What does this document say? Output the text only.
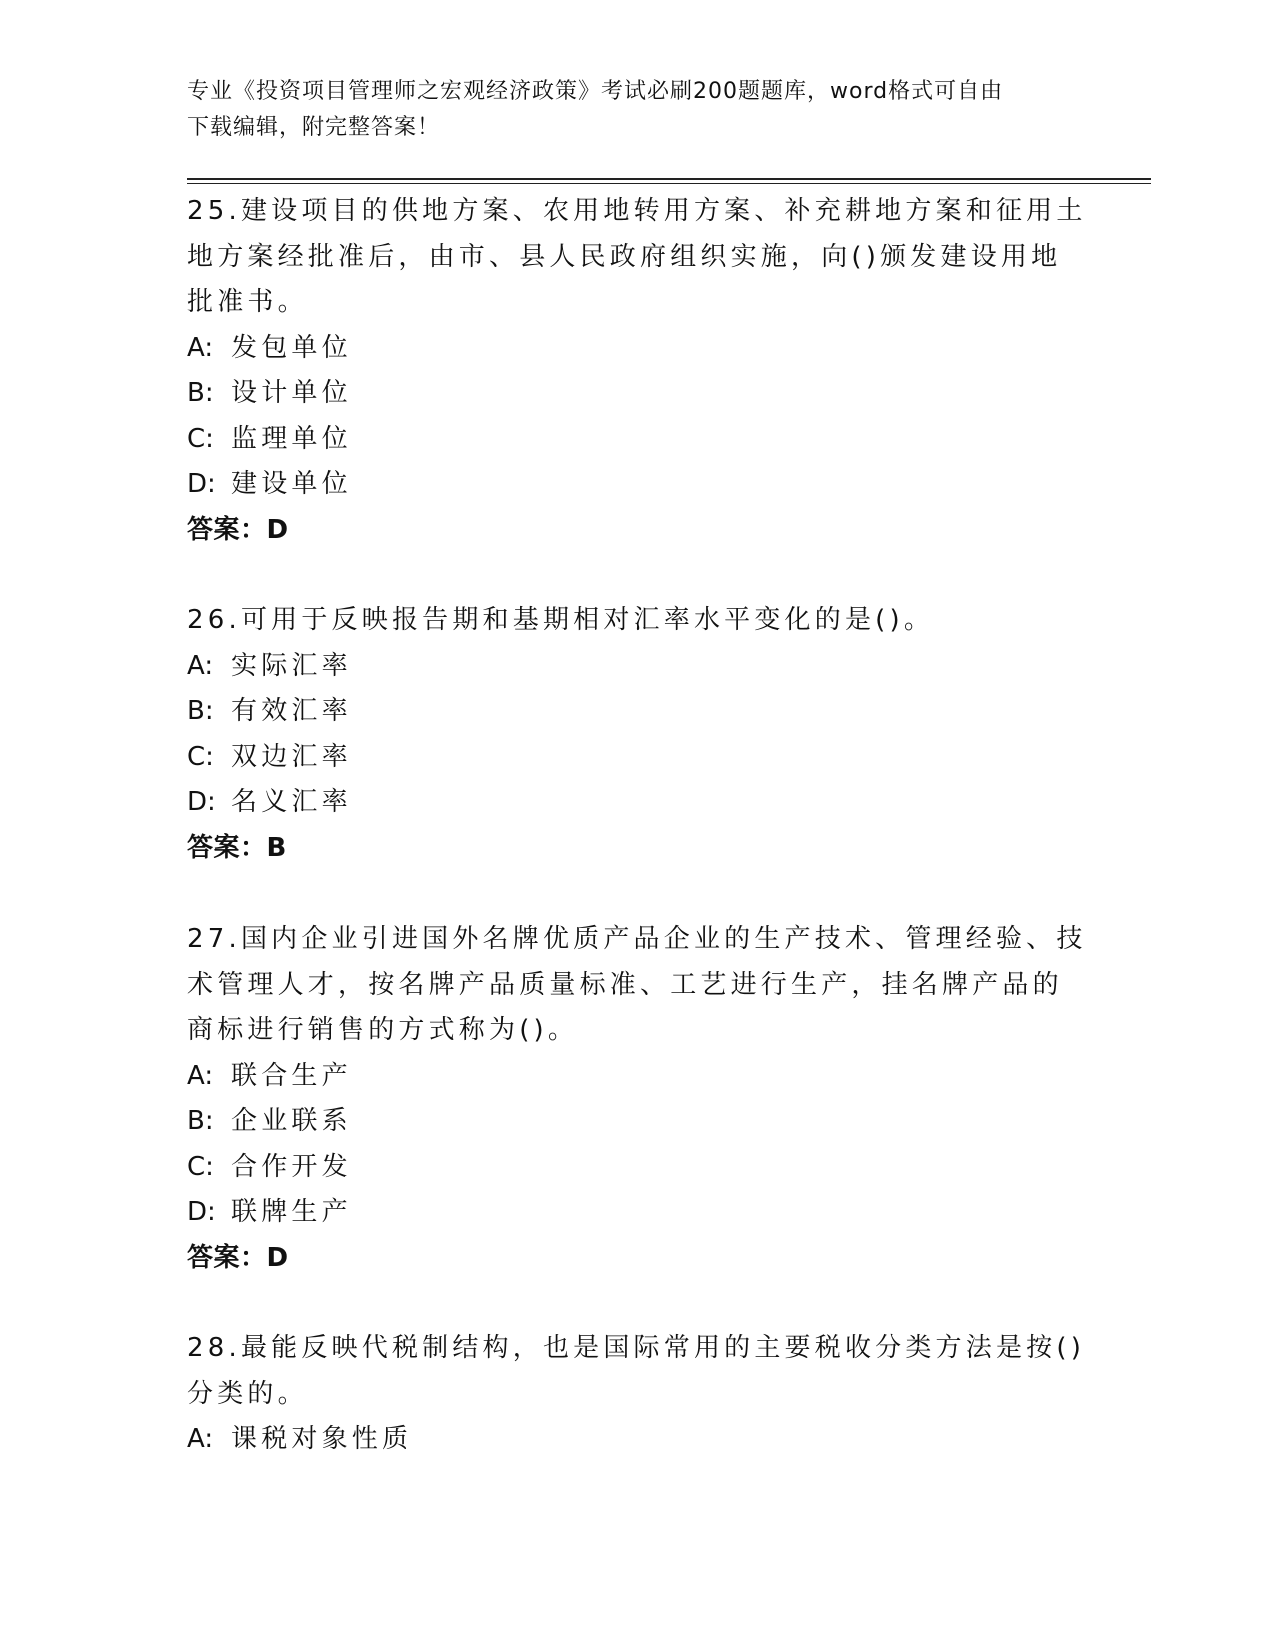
专业《投资项目管理师之宏观经济政策》考试必刷200题题库，word格式可自由
下载编辑，附完整答案！

25.建设项目的供地方案、农用地转用方案、补充耕地方案和征用土地方案经批准后，由市、县人民政府组织实施，向()颁发建设用地批准书。

A: 发包单位

B: 设计单位

C: 监理单位

D: 建设单位

答案：D

26.可用于反映报告期和基期相对汇率水平变化的是()。

A: 实际汇率

B: 有效汇率

C: 双边汇率

D: 名义汇率

答案：B

27.国内企业引进国外名牌优质产品企业的生产技术、管理经验、技术管理人才，按名牌产品质量标准、工艺进行生产，挂名牌产品的商标进行销售的方式称为()。

A: 联合生产

B: 企业联系

C: 合作开发

D: 联牌生产

答案：D

28.最能反映代税制结构，也是国际常用的主要税收分类方法是按()分类的。

A: 课税对象性质
